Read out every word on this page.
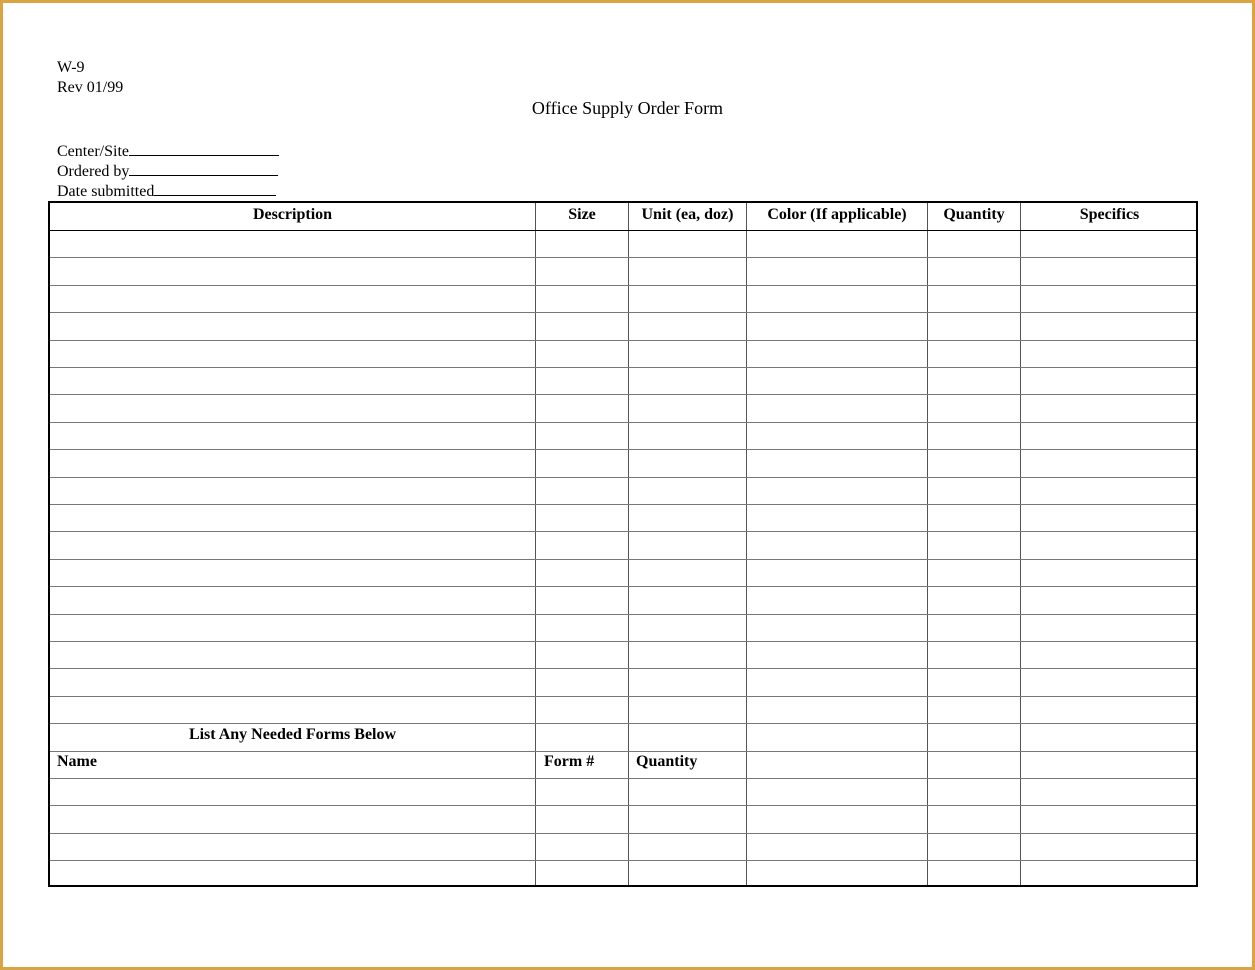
W-9
Rev 01/99
Office Supply Order Form
Center/Site
Ordered by
Date submitted
Description	Size	Unit (ea, doz)	Color (If applicable)	Quantity	Specifics
List Any Needed Forms Below
Name	Form #	Quantity
